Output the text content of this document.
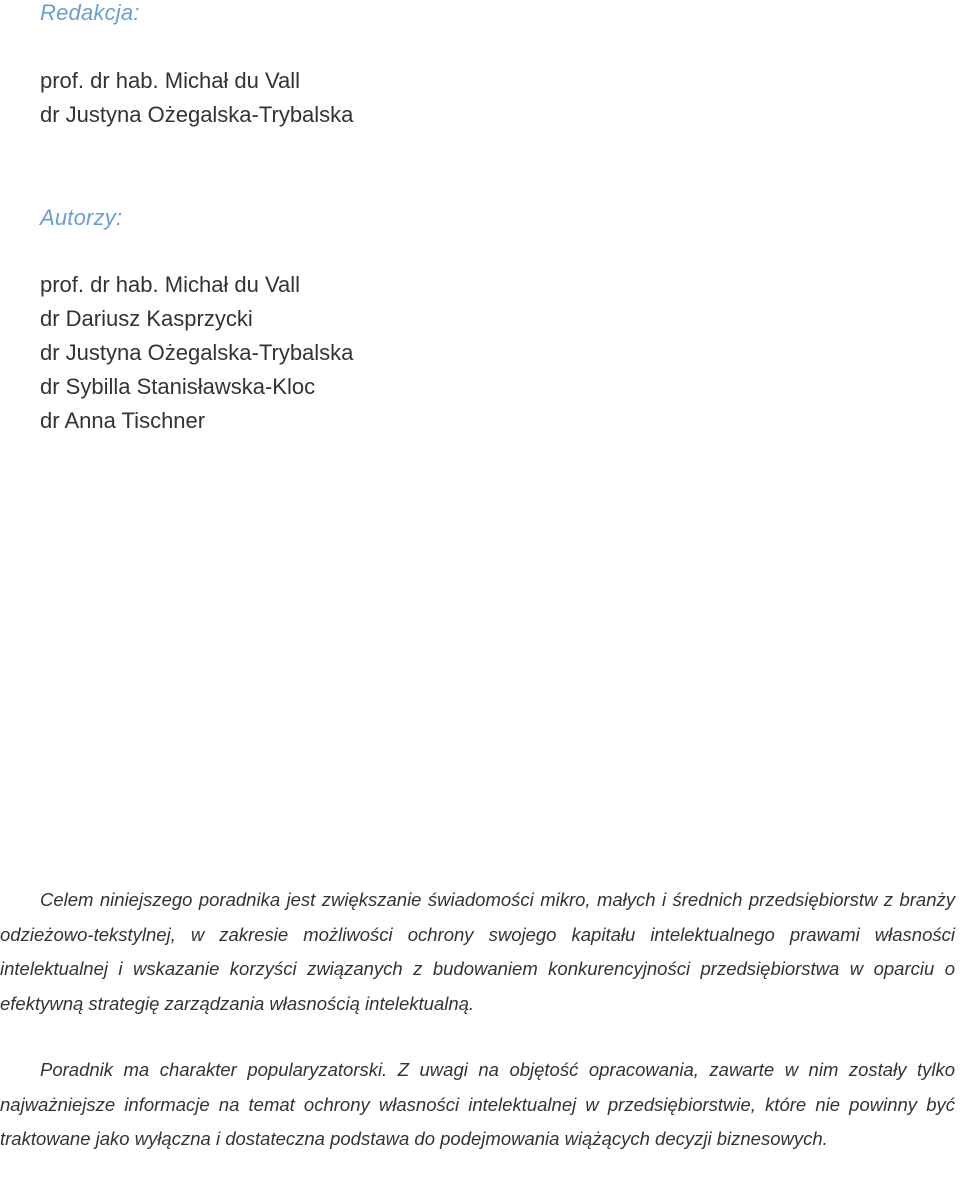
Redakcja:
prof. dr hab. Michał du Vall
dr Justyna Ożegalska-Trybalska
Autorzy:
prof. dr hab. Michał du Vall
dr Dariusz Kasprzycki
dr Justyna Ożegalska-Trybalska
dr Sybilla Stanisławska-Kloc
dr Anna Tischner

Celem niniejszego poradnika jest zwiększanie świadomości mikro, małych i średnich przedsiębiorstw z branży odzieżowo-tekstylnej, w zakresie możliwości ochrony swojego kapitału intelektualnego prawami własności intelektualnej i wskazanie korzyści związanych z budowaniem konkurencyjności przedsiębiorstwa w oparciu o efektywną strategię zarządzania własnością intelektualną.

Poradnik ma charakter popularyzatorski. Z uwagi na objętość opracowania, zawarte w nim zostały tylko najważniejsze informacje na temat ochrony własności intelektualnej w przedsiębiorstwie, które nie powinny być traktowane jako wyłączna i dostateczna podstawa do podejmowania wiążących decyzji biznesowych.
